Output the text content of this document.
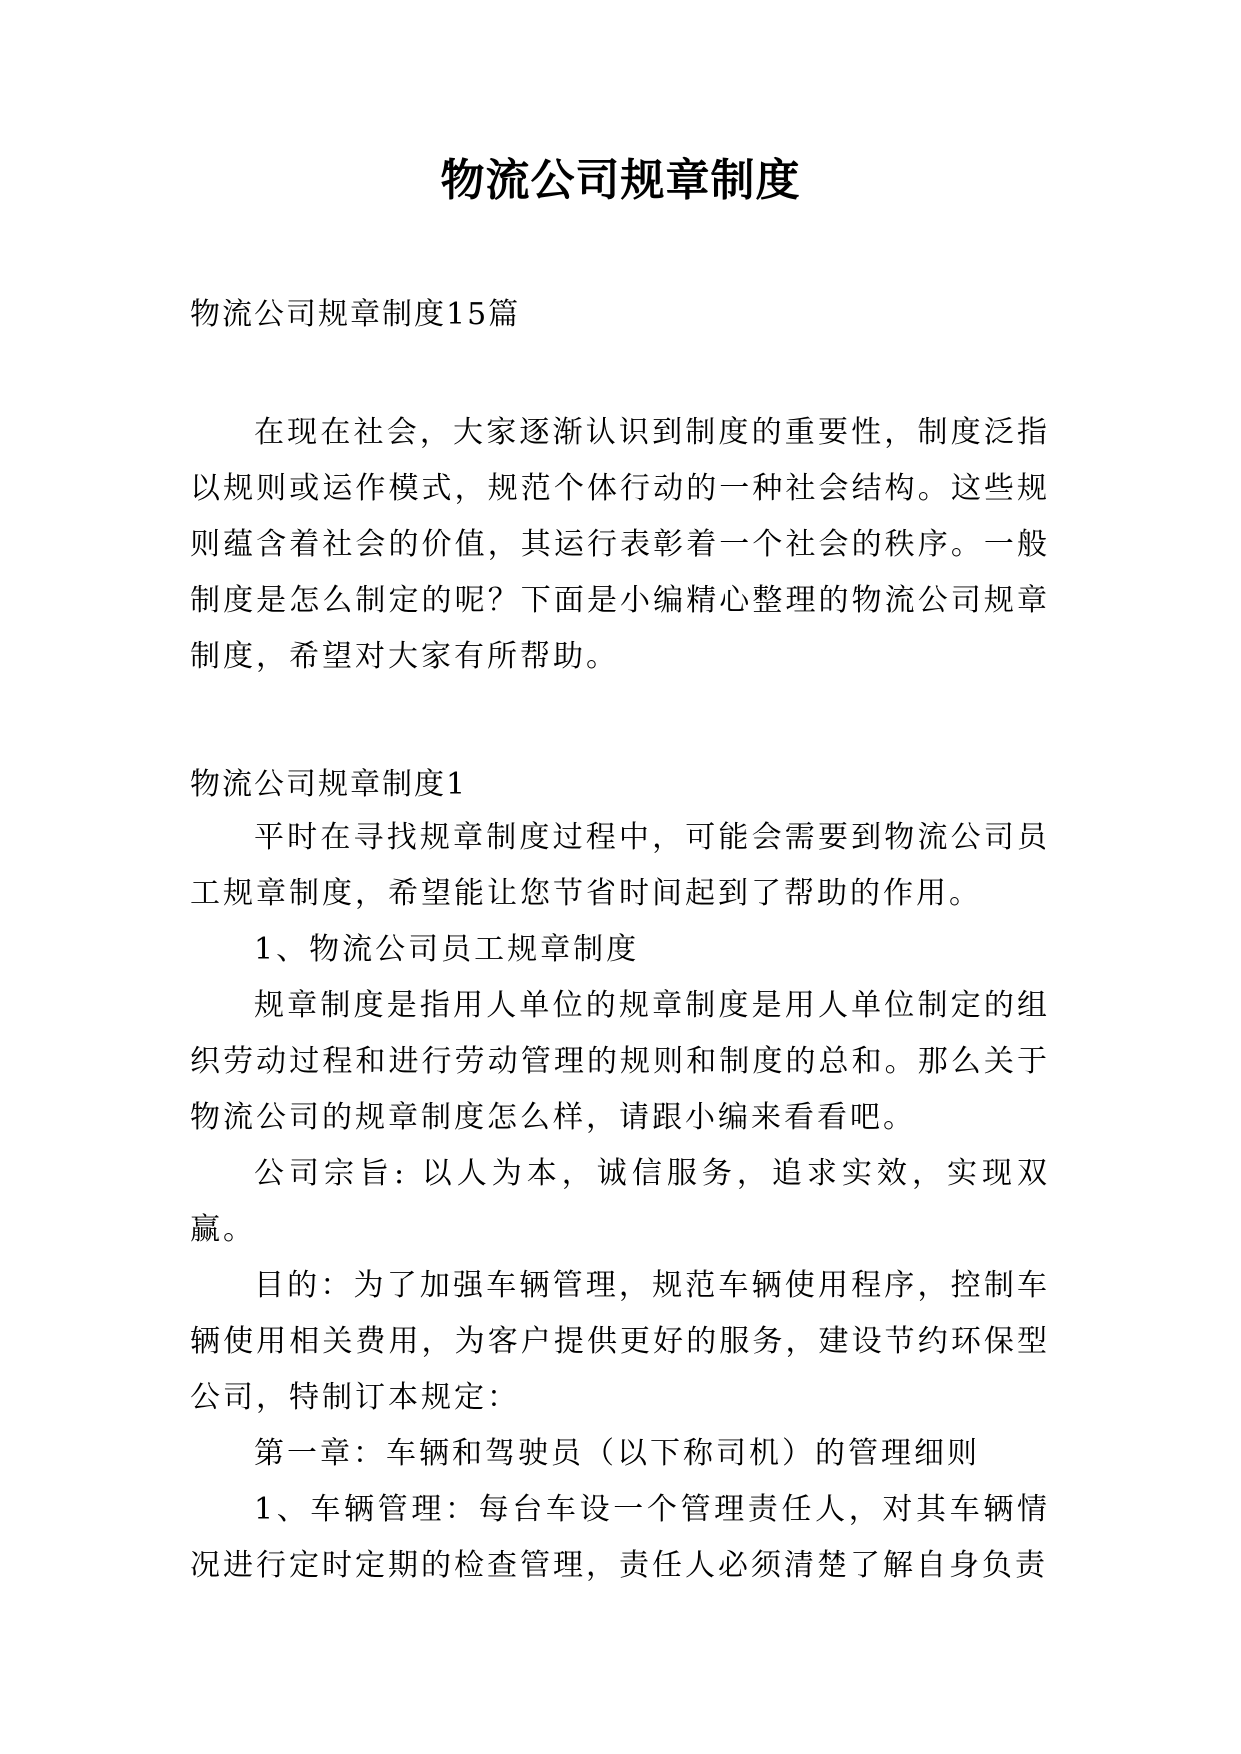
物流公司规章制度
物流公司规章制度15篇

在现在社会，大家逐渐认识到制度的重要性，制度泛指以规则或运作模式，规范个体行动的一种社会结构。这些规则蕴含着社会的价值，其运行表彰着一个社会的秩序。一般制度是怎么制定的呢？下面是小编精心整理的物流公司规章制度，希望对大家有所帮助。

物流公司规章制度1

平时在寻找规章制度过程中，可能会需要到物流公司员工规章制度，希望能让您节省时间起到了帮助的作用。

1、物流公司员工规章制度

规章制度是指用人单位的规章制度是用人单位制定的组织劳动过程和进行劳动管理的规则和制度的总和。那么关于物流公司的规章制度怎么样，请跟小编来看看吧。

公司宗旨: 以人为本，诚信服务，追求实效，实现双赢。

目的：为了加强车辆管理，规范车辆使用程序，控制车辆使用相关费用，为客户提供更好的服务，建设节约环保型公司，特制订本规定：

第一章：车辆和驾驶员（以下称司机）的管理细则

1、车辆管理：每台车设一个管理责任人，对其车辆情况进行定时定期的检查管理，责任人必须清楚了解自身负责
